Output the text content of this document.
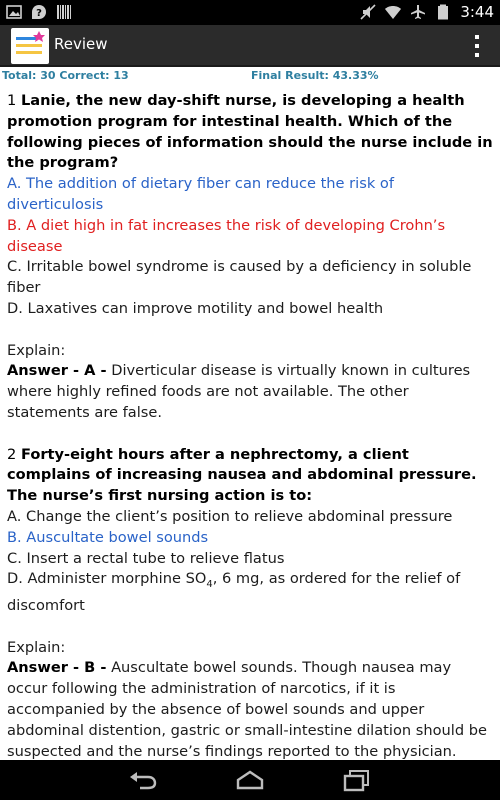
?	3:44
Review
Total: 30 Correct: 13	Final Result: 43.33%
1 Lanie, the new day-shift nurse, is developing a health promotion program for intestinal health. Which of the following pieces of information should the nurse include in the program?
A. The addition of dietary fiber can reduce the risk of diverticulosis
B. A diet high in fat increases the risk of developing Crohn’s disease
C. Irritable bowel syndrome is caused by a deficiency in soluble fiber
D. Laxatives can improve motility and bowel health
Explain:
Answer - A - Diverticular disease is virtually known in cultures where highly refined foods are not available. The other statements are false.
2 Forty-eight hours after a nephrectomy, a client complains of increasing nausea and abdominal pressure. The nurse’s first nursing action is to:
A. Change the client’s position to relieve abdominal pressure
B. Auscultate bowel sounds
C. Insert a rectal tube to relieve flatus
D. Administer morphine $SO_4$, 6 mg, as ordered for the relief of discomfort
Explain:
Answer - B - Auscultate bowel sounds. Though nausea may occur following the administration of narcotics, if it is accompanied by the absence of bowel sounds and upper abdominal distention, gastric or small-intestine dilation should be suspected and the nurse’s findings reported to the physician.
